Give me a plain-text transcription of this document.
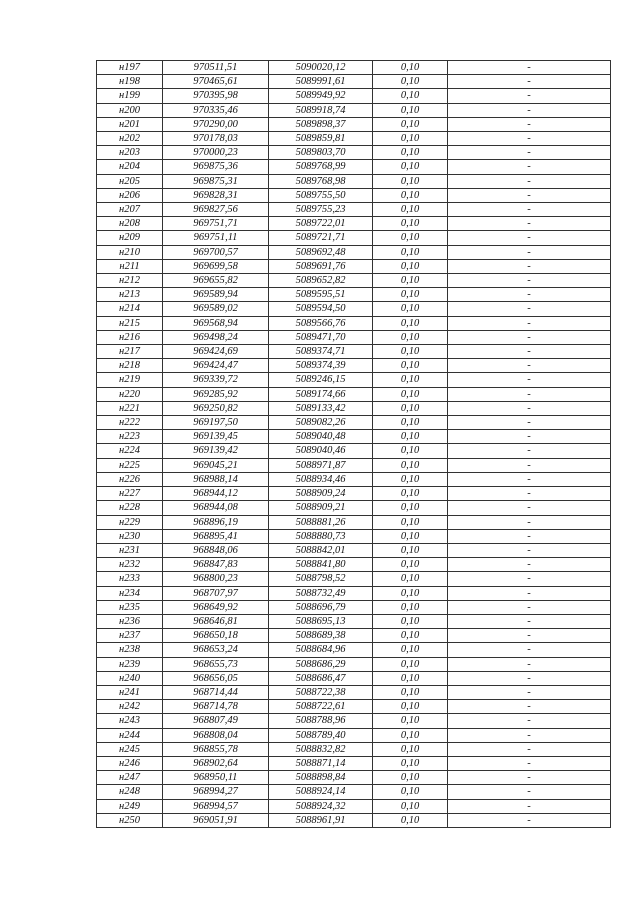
н197	970511,51	5090020,12	0,10	-
н198	970465,61	5089991,61	0,10	-
н199	970395,98	5089949,92	0,10	-
н200	970335,46	5089918,74	0,10	-
н201	970290,00	5089898,37	0,10	-
н202	970178,03	5089859,81	0,10	-
н203	970000,23	5089803,70	0,10	-
н204	969875,36	5089768,99	0,10	-
н205	969875,31	5089768,98	0,10	-
н206	969828,31	5089755,50	0,10	-
н207	969827,56	5089755,23	0,10	-
н208	969751,71	5089722,01	0,10	-
н209	969751,11	5089721,71	0,10	-
н210	969700,57	5089692,48	0,10	-
н211	969699,58	5089691,76	0,10	-
н212	969655,82	5089652,82	0,10	-
н213	969589,94	5089595,51	0,10	-
н214	969589,02	5089594,50	0,10	-
н215	969568,94	5089566,76	0,10	-
н216	969498,24	5089471,70	0,10	-
н217	969424,69	5089374,71	0,10	-
н218	969424,47	5089374,39	0,10	-
н219	969339,72	5089246,15	0,10	-
н220	969285,92	5089174,66	0,10	-
н221	969250,82	5089133,42	0,10	-
н222	969197,50	5089082,26	0,10	-
н223	969139,45	5089040,48	0,10	-
н224	969139,42	5089040,46	0,10	-
н225	969045,21	5088971,87	0,10	-
н226	968988,14	5088934,46	0,10	-
н227	968944,12	5088909,24	0,10	-
н228	968944,08	5088909,21	0,10	-
н229	968896,19	5088881,26	0,10	-
н230	968895,41	5088880,73	0,10	-
н231	968848,06	5088842,01	0,10	-
н232	968847,83	5088841,80	0,10	-
н233	968800,23	5088798,52	0,10	-
н234	968707,97	5088732,49	0,10	-
н235	968649,92	5088696,79	0,10	-
н236	968646,81	5088695,13	0,10	-
н237	968650,18	5088689,38	0,10	-
н238	968653,24	5088684,96	0,10	-
н239	968655,73	5088686,29	0,10	-
н240	968656,05	5088686,47	0,10	-
н241	968714,44	5088722,38	0,10	-
н242	968714,78	5088722,61	0,10	-
н243	968807,49	5088788,96	0,10	-
н244	968808,04	5088789,40	0,10	-
н245	968855,78	5088832,82	0,10	-
н246	968902,64	5088871,14	0,10	-
н247	968950,11	5088898,84	0,10	-
н248	968994,27	5088924,14	0,10	-
н249	968994,57	5088924,32	0,10	-
н250	969051,91	5088961,91	0,10	-
